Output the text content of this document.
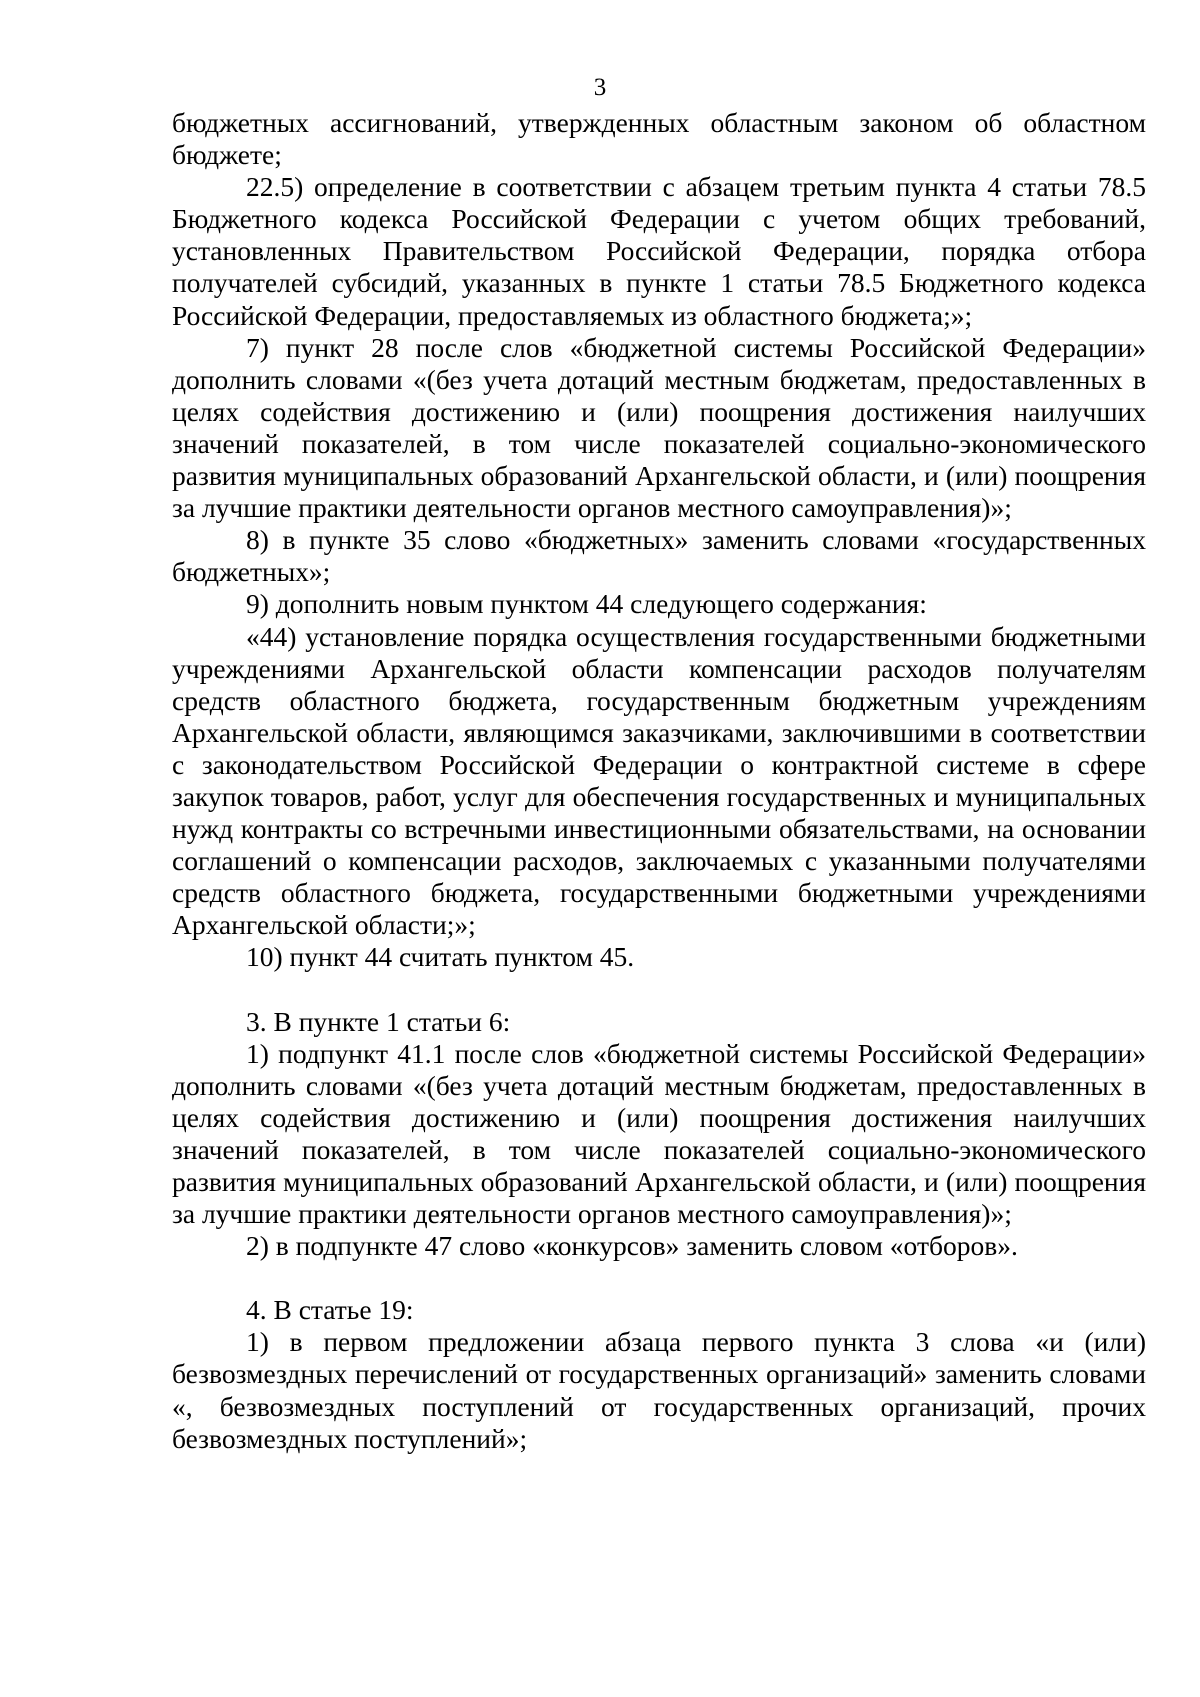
3

бюджетных ассигнований, утвержденных областным законом об областном бюджете;

22.5) определение в соответствии с абзацем третьим пункта 4 статьи 78.5 Бюджетного кодекса Российской Федерации с учетом общих требований, установленных Правительством Российской Федерации, порядка отбора получателей субсидий, указанных в пункте 1 статьи 78.5 Бюджетного кодекса Российской Федерации, предоставляемых из областного бюджета;»;

7) пункт 28 после слов «бюджетной системы Российской Федерации» дополнить словами «(без учета дотаций местным бюджетам, предоставленных в целях содействия достижению и (или) поощрения достижения наилучших значений показателей, в том числе показателей социально-экономического развития муниципальных образований Архангельской области, и (или) поощрения за лучшие практики деятельности органов местного самоуправления)»;

8) в пункте 35 слово «бюджетных» заменить словами «государственных бюджетных»;

9) дополнить новым пунктом 44 следующего содержания:

«44) установление порядка осуществления государственными бюджетными учреждениями Архангельской области компенсации расходов получателям средств областного бюджета, государственным бюджетным учреждениям Архангельской области, являющимся заказчиками, заключившими в соответствии с законодательством Российской Федерации о контрактной системе в сфере закупок товаров, работ, услуг для обеспечения государственных и муниципальных нужд контракты со встречными инвестиционными обязательствами, на основании соглашений о компенсации расходов, заключаемых с указанными получателями средств областного бюджета, государственными бюджетными учреждениями Архангельской области;»;

10) пункт 44 считать пунктом 45.

3. В пункте 1 статьи 6:

1) подпункт 41.1 после слов «бюджетной системы Российской Федерации» дополнить словами «(без учета дотаций местным бюджетам, предоставленных в целях содействия достижению и (или) поощрения достижения наилучших значений показателей, в том числе показателей социально-экономического развития муниципальных образований Архангельской области, и (или) поощрения за лучшие практики деятельности органов местного самоуправления)»;

2) в подпункте 47 слово «конкурсов» заменить словом «отборов».

4. В статье 19:

1) в первом предложении абзаца первого пункта 3 слова «и (или) безвозмездных перечислений от государственных организаций» заменить словами «, безвозмездных поступлений от государственных организаций, прочих безвозмездных поступлений»;
